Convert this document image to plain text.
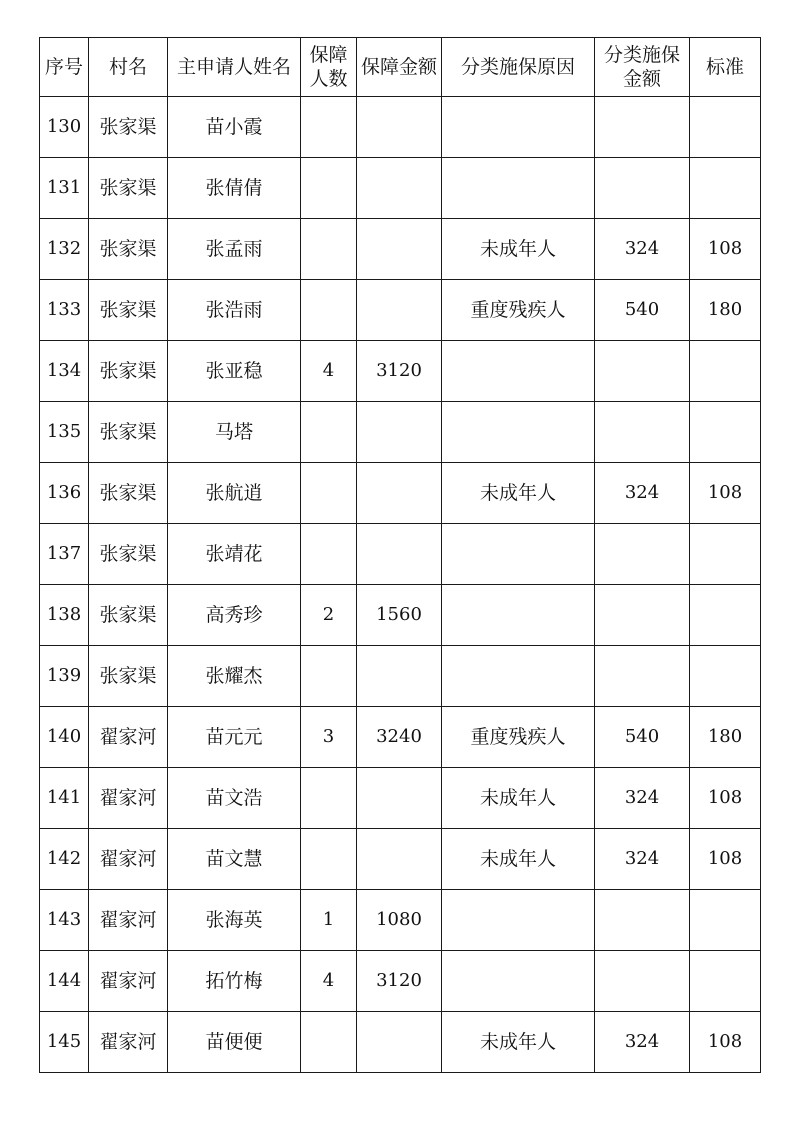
序号	村名	主申请人姓名	保障人数	保障金额	分类施保原因	分类施保金额	标准
130	张家渠	苗小霞					
131	张家渠	张倩倩					
132	张家渠	张孟雨			未成年人	324	108
133	张家渠	张浩雨			重度残疾人	540	180
134	张家渠	张亚稳	4	3120			
135	张家渠	马塔					
136	张家渠	张航逍			未成年人	324	108
137	张家渠	张靖花					
138	张家渠	高秀珍	2	1560			
139	张家渠	张耀杰					
140	翟家河	苗元元	3	3240	重度残疾人	540	180
141	翟家河	苗文浩			未成年人	324	108
142	翟家河	苗文慧			未成年人	324	108
143	翟家河	张海英	1	1080			
144	翟家河	拓竹梅	4	3120			
145	翟家河	苗便便			未成年人	324	108
